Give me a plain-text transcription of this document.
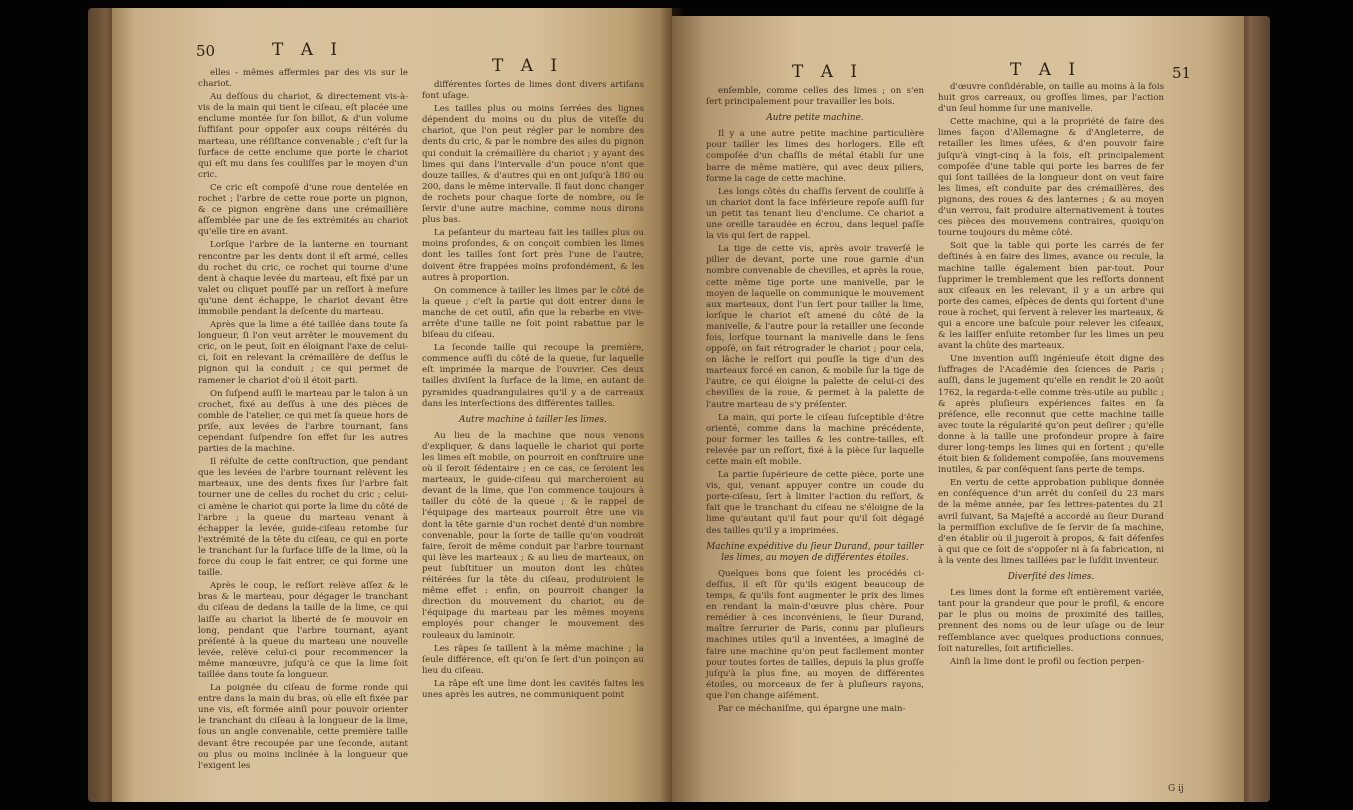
50	T A I
T A I

elles - mêmes affermies par des vis sur le chariot.

Au deſſous du chariot, & directement vis-à-vis de la main qui tient le ciſeau, eſt placée une enclume montée ſur ſon billot, & d'un volume ſuffiſant pour oppoſer aux coups réitérés du marteau, une réſiſtance convenable ; c'eſt ſur la ſurface de cette enclume que porte le chariot qui eſt mu dans ſes couliſſes par le moyen d'un cric.

Ce cric eſt compoſé d'une roue dentelée en rochet ; l'arbre de cette roue porte un pignon, & ce pignon engrène dans une crémaillière aſſemblée par une de ſes extrémités au chariot qu'elle tire en avant.

Lorſque l'arbre de la lanterne en tournant rencontre par les dents dont il eſt armé, celles du rochet du cric, ce rochet qui tourne d'une dent à chaque levée du marteau, eſt fixé par un valet ou cliquet pouſſé par un reſſort à meſure qu'une dent échappe, le chariot devant être immobile pendant la deſcente du marteau.

Après que la lime a été taillée dans toute ſa longueur, ſi l'on veut arrêter le mouvement du cric, on le peut, ſoit en éloignant l'axe de celui-ci, ſoit en relevant la crémaillère de deſſus le pignon qui la conduit ; ce qui permet de ramener le chariot d'où il étoit parti.

On ſuſpend auſſi le marteau par le talon à un crochet, fixé au deſſus à une des pièces de comble de l'atelier, ce qui met ſa queue hors de priſe, aux levées de l'arbre tournant, ſans cependant ſuſpendre ſon effet ſur les autres parties de la machine.

Il réſulte de cette conſtruction, que pendant que les levées de l'arbre tournant relèvent les marteaux, une des dents fixes ſur l'arbre fait tourner une de celles du rochet du cric ; celui-ci amène le chariot qui porte la lime du côté de l'arbre ; la queue du marteau venant à échapper la levée, guide-ciſeau retombe ſur l'extrémité de la tête du ciſeau, ce qui en porte le tranchant ſur la ſurface liſſe de la lime, où la force du coup le fait entrer, ce qui forme une taille.

Après le coup, le reſſort relève aſſez & le bras & le marteau, pour dégager le tranchant du ciſeau de dedans la taille de la lime, ce qui laiſſe au chariot la liberté de ſe mouvoir en long, pendant que l'arbre tournant, ayant préſenté à la queue du marteau une nouvelle levée, relève celui-ci pour recommencer la même manœuvre, juſqu'à ce que la lime ſoit taillée dans toute ſa longueur.

La poignée du ciſeau de forme ronde qui entre dans la main du bras, où elle eſt fixée par une vis, eſt formée ainſi pour pouvoir orienter le tranchant du ciſeau à la longueur de la lime, ſous un angle convenable, cette première taille devant être recoupée par une ſeconde, autant ou plus ou moins inclinée à la longueur que l'exigent les

différentes ſortes de limes dont divers artiſans font uſage.

Les tailles plus ou moins ſerrées des lignes dépendent du moins ou du plus de viteſſe du chariot, que l'on peut régler par le nombre des dents du cric, & par le nombre des ailes du pignon qui conduit la crémaillère du chariot ; y ayant des limes qui dans l'intervalle d'un pouce n'ont que douze tailles, & d'autres qui en ont juſqu'à 180 ou 200, dans le même intervalle. Il faut donc changer de rochets pour chaque ſorte de nombre, ou ſe ſervir d'une autre machine, comme nous dirons plus bas.

La peſanteur du marteau fait les tailles plus ou moins profondes, & on conçoit combien les limes dont les tailles ſont ſort près l'une de l'autre, doivent être frappées moins profondément, & les autres à proportion.

On commence à tailler les limes par le côté de la queue ; c'eſt la partie qui doit entrer dans le manche de cet outil, afin que la rebarbe en vive-arrête d'une taille ne ſoit point rabattue par le biſeau du ciſeau.

La ſeconde taille qui recoupe la première, commence auſſi du côté de la queue, ſur laquelle eſt imprimée la marque de l'ouvrier. Ces deux tailles diviſent la ſurface de la lime, en autant de pyramides quadrangulaires qu'il y a de carreaux dans les interſections des différentes tailles.

Autre machine à tailler les limes.

Au lieu de la machine que nous venons d'expliquer, & dans laquelle le chariot qui porte les limes eſt mobile, on pourroit en conſtruire une où il ſeroit ſédentaire ; en ce cas, ce ſeroient les marteaux, le guide-ciſeau qui marcheroient au devant de la lime, que l'on commence toujours à tailler du côté de la queue ; & le rappel de l'équipage des marteaux pourroit être une vis dont la tête garnie d'un rochet denté d'un nombre convenable, pour la ſorte de taille qu'on voudroit faire, ſeroit de même conduit par l'arbre tournant qui lève les marteaux ; & au lieu de marteaux, on peut ſubſtituer un mouton dont les chûtes réitérées ſur la tête du ciſeau, produiroient le même effet : enfin, on pourroit changer la direction du mouvement du chariot, ou de l'équipage du marteau par les mêmes moyens employés pour changer le mouvement des rouleaux du laminoir.

Les râpes ſe taillent à la même machine ; la ſeule différence, eſt qu'on ſe ſert d'un poinçon au lieu du ciſeau.

La râpe eſt une lime dont les cavités faites les unes après les autres, ne communiquent point

T A I	T A I	51

enſemble, comme celles des limes ; on s'en ſert principalement pour travailler les bois.

Autre petite machine.

Il y a une autre petite machine particulière pour tailler les limes des horlogers. Elle eſt compoſée d'un chaſſis de métal établi ſur une barre de même matière, qui avec deux piliers, forme la cage de cette machine.

Les longs côtés du chaſſis ſervent de couliſſe à un chariot dont la face inférieure repoſe auſſi ſur un petit tas tenant lieu d'enclume. Ce chariot a une oreille taraudée en écrou, dans lequel paſſe la vis qui ſert de rappel.

La tige de cette vis, après avoir traverſé le pilier de devant, porte une roue garnie d'un nombre convenable de chevilles, et après la roue, cette même tige porte une manivelle, par le moyen de laquelle on communique le mouvement aux marteaux, dont l'un ſert pour tailler la lime, lorſque le chariot eſt amené du côté de la manivelle, & l'autre pour la retailler une ſeconde fois, lorſque tournant la manivelle dans le ſens oppoſé, on fait rétrograder le chariot ; pour cela, on lâche le reſſort qui pouſſe la tige d'un des marteaux forcé en canon, & mobile ſur la tige de l'autre, ce qui éloigne la palette de celui-ci des chevilles de la roue, & permet à la palette de l'autre marteau de s'y préſenter.

La main, qui porte le ciſeau ſuſceptible d'être orienté, comme dans la machine précédente, pour former les tailles & les contre-tailles, eſt relevée par un reſſort, fixé à la pièce ſur laquelle cette main eſt mobile.

La partie ſupérieure de cette pièce, porte une vis, qui, venant appuyer contre un coude du porte-ciſeau, ſert à limiter l'action du reſſort, & fait que le tranchant du ciſeau ne s'éloigne de la lime qu'autant qu'il faut pour qu'il ſoit dégagé des tailles qu'il y a imprimées.

Machine expéditive du ſieur Durand, pour tailler les limes, au moyen de différentes étoiles.

Quelques bons que ſoient les procédés ci-deſſus, il eſt ſûr qu'ils exigent beaucoup de temps, & qu'ils font augmenter le prix des limes en rendant la main-d'œuvre plus chère. Pour remédier à ces inconvéniens, le ſieur Durand, maître ſerrurier de Paris, connu par pluſieurs machines utiles qu'il a inventées, a imaginé de faire une machine qu'on peut facilement monter pour toutes ſortes de tailles, depuis la plus groſſe juſqu'à la plus fine, au moyen de différentes étoiles, ou morceaux de fer à pluſieurs rayons, que l'on change aiſément.

Par ce méchaniſme, qui épargne une main-

d'œuvre conſidérable, on taille au moins à la fois huit gros carreaux, ou groſſes limes, par l'action d'un ſeul homme ſur une manivelle.

Cette machine, qui a la propriété de faire des limes façon d'Allemagne & d'Angleterre, de retailler les limes uſées, & d'en pouvoir faire juſqu'à vingt-cinq à la fois, eſt principalement compoſée d'une table qui porte les barres de fer qui ſont taillées de la longueur dont on veut faire les limes, eſt conduite par des crémaillères, des pignons, des roues & des lanternes ; & au moyen d'un verrou, fait produire alternativement à toutes ces pièces des mouvemens contraires, quoiqu'on tourne toujours du même côté.

Soit que la table qui porte les carrés de fer deſtinés à en faire des limes, avance ou recule, la machine taille également bien par-tout. Pour ſupprimer le tremblement que les reſſorts donnent aux ciſeaux en les relevant, il y a un arbre qui porte des cames, eſpèces de dents qui ſortent d'une roue à rochet, qui ſervent à relever les marteaux, & qui a encore une baſcule pour relever les ciſeaux, & les laiſſer enſuite retomber ſur les limes un peu avant la chûte des marteaux.

Une invention auſſi ingénieuſe étoit digne des ſuffrages de l'Académie des ſciences de Paris ; auſſi, dans le jugement qu'elle en rendit le 20 août 1762, la regarda-t-elle comme très-utile au public ; & après pluſieurs expériences faites en ſa préſence, elle reconnut que cette machine taille avec toute la régularité qu'on peut deſirer ; qu'elle donne à la taille une profondeur propre à faire durer long-temps les limes qui en ſortent ; qu'elle étoit bien & ſolidement compoſée, ſans mouvemens inutiles, & par conſéquent ſans perte de temps.

En vertu de cette approbation publique donnée en conſéquence d'un arrêt du conſeil du 23 mars de la même année, par ſes lettres-patentes du 21 avril ſuivant, Sa Majeſté a accordé au ſieur Durand la permiſſion excluſive de ſe ſervir de ſa machine, d'en établir où il jugeroit à propos, & fait défenſes à qui que ce ſoit de s'oppoſer ni à ſa fabrication, ni à la vente des limes taillées par le ſuſdit inventeur.

Diverſité des limes.

Les limes dont la forme eſt entièrement variée, tant pour la grandeur que pour le profil, & encore par le plus ou moins de proximité des tailles, prennent des noms ou de leur uſage ou de leur reſſemblance avec quelques productions connues, ſoit naturelles, ſoit artificielles.

Ainſi la lime dont le profil ou ſection perpen-

G ij
